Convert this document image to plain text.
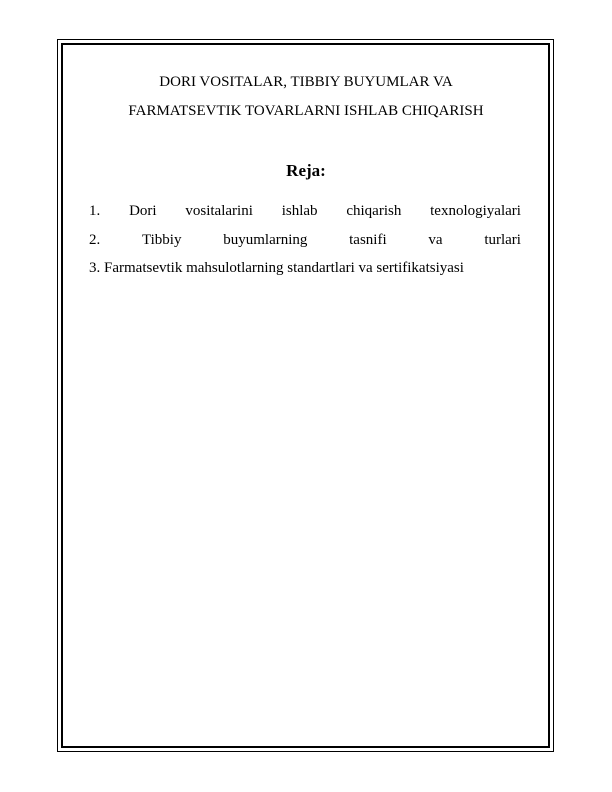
DORI VOSITALAR, TIBBIY BUYUMLAR VA
FARMATSEVTIK TOVARLARNI ISHLAB CHIQARISH
Reja:
1. Dori vositalarini ishlab chiqarish texnologiyalari
2.	Tibbiy	buyumlarning	tasnifi	va	turlari
3. Farmatsevtik mahsulotlarning standartlari va sertifikatsiyasi
